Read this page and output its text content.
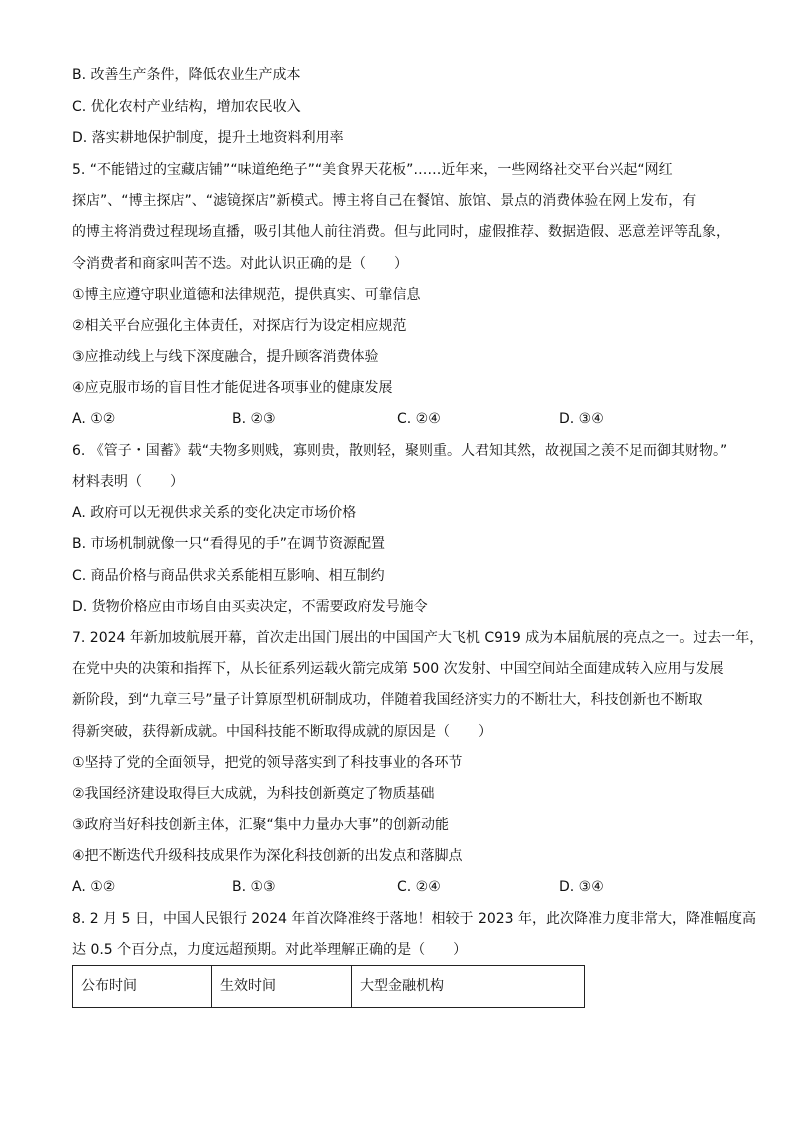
B. 改善生产条件，降低农业生产成本
C. 优化农村产业结构，增加农民收入
D. 落实耕地保护制度，提升土地资料利用率
5. “不能错过的宝藏店铺”“味道绝绝子”“美食界天花板”……近年来，一些网络社交平台兴起“网红
探店”、“博主探店”、“滤镜探店”新模式。博主将自己在餐馆、旅馆、景点的消费体验在网上发布，有
的博主将消费过程现场直播，吸引其他人前往消费。但与此同时，虚假推荐、数据造假、恶意差评等乱象，
令消费者和商家叫苦不迭。对此认识正确的是（　　）
①博主应遵守职业道德和法律规范，提供真实、可靠信息
②相关平台应强化主体责任，对探店行为设定相应规范
③应推动线上与线下深度融合，提升顾客消费体验
④应克服市场的盲目性才能促进各项事业的健康发展
A. ①②	B. ②③	C. ②④	D. ③④
6. 《管子・国蓄》载“夫物多则贱，寡则贵，散则轻，聚则重。人君知其然，故视国之羡不足而御其财物。”
材料表明（　　）
A. 政府可以无视供求关系的变化决定市场价格
B. 市场机制就像一只“看得见的手”在调节资源配置
C. 商品价格与商品供求关系能相互影响、相互制约
D. 货物价格应由市场自由买卖决定，不需要政府发号施令
7. 2024 年新加坡航展开幕，首次走出国门展出的中国国产大飞机 C919 成为本届航展的亮点之一。过去一年，
在党中央的决策和指挥下，从长征系列运载火箭完成第 500 次发射、中国空间站全面建成转入应用与发展
新阶段，到“九章三号”量子计算原型机研制成功，伴随着我国经济实力的不断壮大，科技创新也不断取
得新突破，获得新成就。中国科技能不断取得成就的原因是（　　）
①坚持了党的全面领导，把党的领导落实到了科技事业的各环节
②我国经济建设取得巨大成就，为科技创新奠定了物质基础
③政府当好科技创新主体，汇聚“集中力量办大事”的创新动能
④把不断迭代升级科技成果作为深化科技创新的出发点和落脚点
A. ①②	B. ①③	C. ②④	D. ③④
8. 2 月 5 日，中国人民银行 2024 年首次降准终于落地！相较于 2023 年，此次降准力度非常大，降准幅度高
达 0.5 个百分点，力度远超预期。对此举理解正确的是（　　）
公布时间	生效时间	大型金融机构
